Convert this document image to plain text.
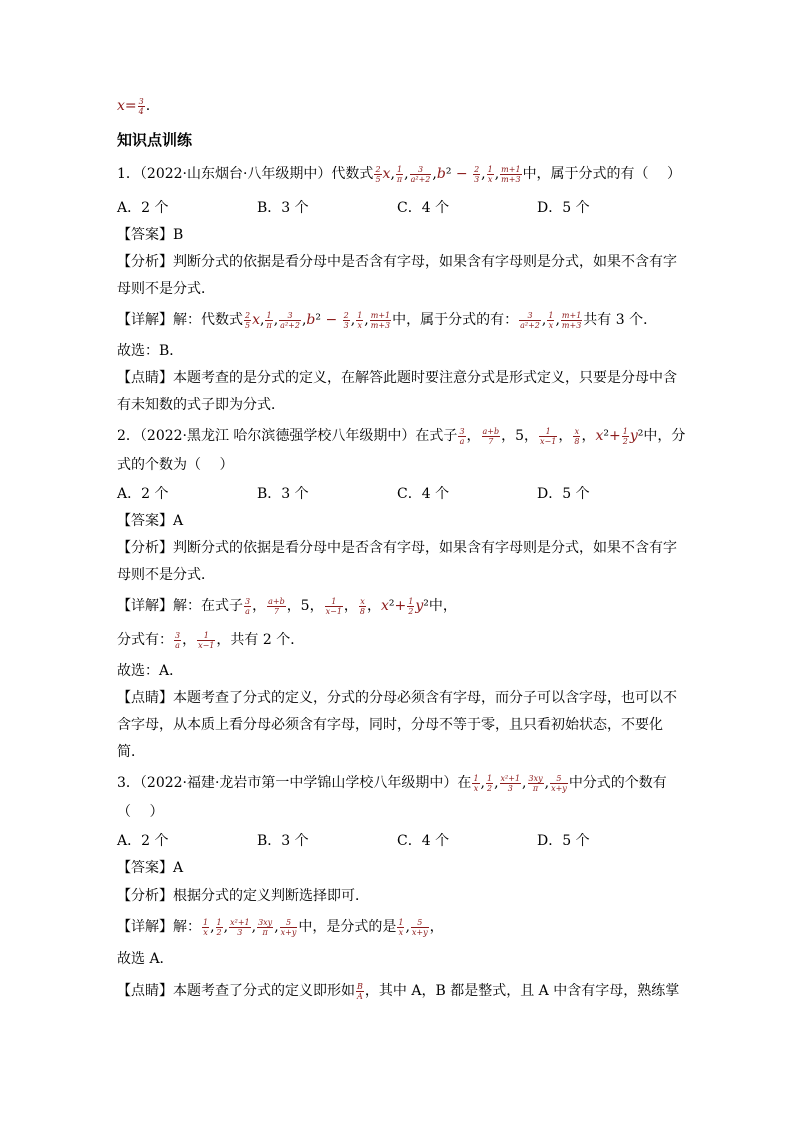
$x= \frac{3}{4}$ .
知识点训练
1．（2022·山东烟台·八年级期中）代数式 $\frac{2}{5} x$, $\frac{1}{\pi}$ , $\frac{3}{\text{a²+2}} ,b^2 - \frac{2}{3}$ , $\frac{1}{x}$ , $\frac{m+1}{m+3}$ 中，属于分式的有（　 ）
A．2 个	B．3 个	C．4 个	D．5 个
【答案】B
【分析】判断分式的依据是看分母中是否含有字母，如果含有字母则是分式，如果不含有字
母则不是分式．
【详解】解：代数式 $\frac{2}{5} x$, $\frac{1}{\pi}$ , $\frac{3}{\text{a²+2}} ,b^2 - \frac{2}{3}$ , $\frac{1}{x}$ , $\frac{m+1}{m+3}$ 中，属于分式的有： $\frac{3}{\text{a²+2}}$ , $\frac{1}{x}$ , $\frac{m+1}{m+3}$ 共有 3 个．
故选：B．
【点睛】本题考查的是分式的定义，在解答此题时要注意分式是形式定义，只要是分母中含
有未知数的式子即为分式．
2．（2022·黑龙江 哈尔滨德强学校八年级期中）在式子 $\frac{3}{a}$ ， $\frac{a+b}{7}$ ，5， $\frac{1}{x-1}$ ， $\frac{x}{8}$ ，$x^2+ \frac{1}{2} y^2$中，分
式的个数为（　 ）
A．2 个	B．3 个	C．4 个	D．5 个
【答案】A
【分析】判断分式的依据是看分母中是否含有字母，如果含有字母则是分式，如果不含有字
母则不是分式．
【详解】解：在式子 $\frac{3}{a}$ ， $\frac{a+b}{7}$ ，5， $\frac{1}{x-1}$ ， $\frac{x}{8}$ ，$x^2+ \frac{1}{2} y^2$中，
分式有： $\frac{3}{a}$ ， $\frac{1}{x-1}$ ，共有 2 个．
故选：A．
【点睛】本题考查了分式的定义，分式的分母必须含有字母，而分子可以含字母，也可以不
含字母，从本质上看分母必须含有字母，同时，分母不等于零，且只看初始状态，不要化
简．
3．（2022·福建·龙岩市第一中学锦山学校八年级期中）在 $\frac{1}{x}$ , $\frac{1}{2}$ , $\frac{\text{x²+1}}{3}$ , $\frac{3xy}{\pi}$ , $\frac{5}{x+y}$ 中分式的个数有
（　 ）
A．2 个	B．3 个	C．4 个	D．5 个
【答案】A
【分析】根据分式的定义判断选择即可．
【详解】解： $\frac{1}{x}$ , $\frac{1}{2}$ , $\frac{\text{x²+1}}{3}$ , $\frac{3xy}{\pi}$ , $\frac{5}{x+y}$ 中，是分式的是 $\frac{1}{x}$ , $\frac{5}{x+y}$ ，
故选 A．
【点睛】本题考查了分式的定义即形如 $\frac{B}{A}$ ，其中 A，B 都是整式，且 A 中含有字母，熟练掌
